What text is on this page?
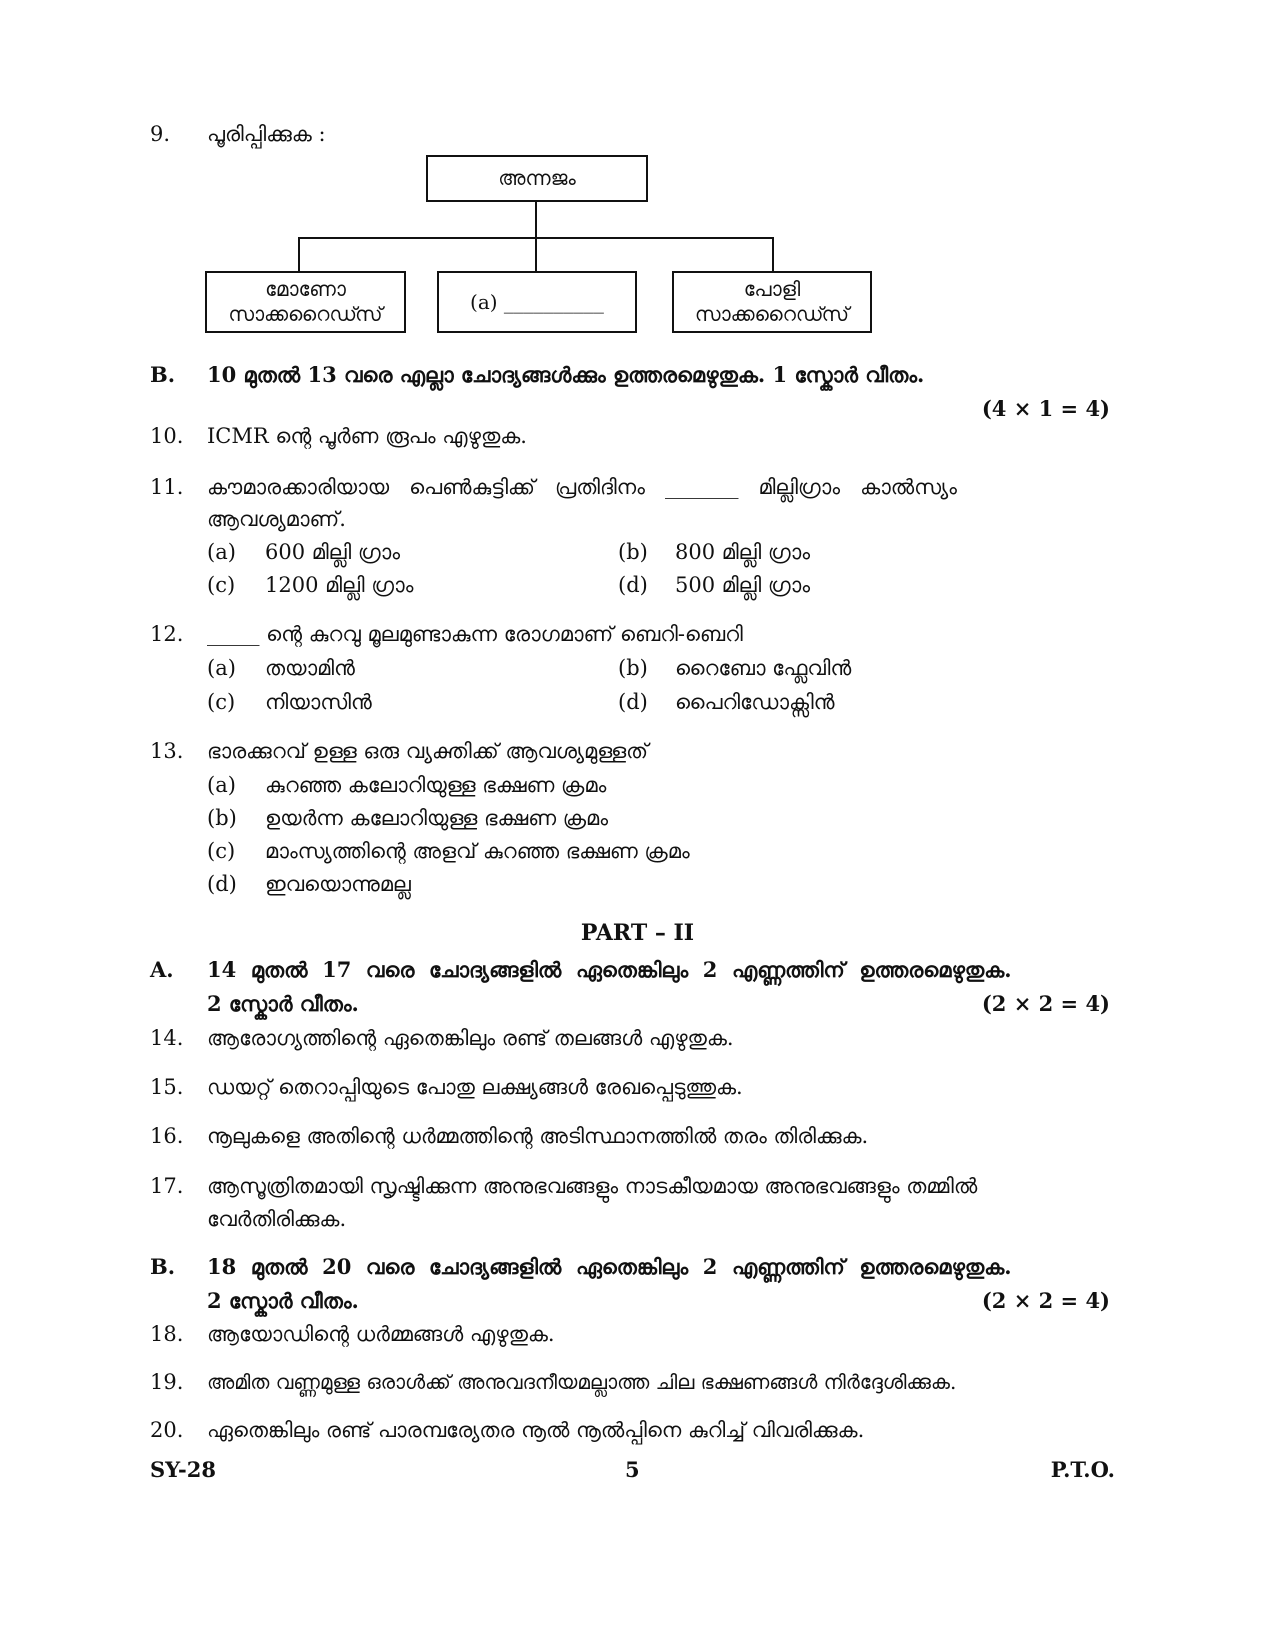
9. പൂരിപ്പിക്കുക :
അന്നജം
മോണോ
സാക്കറൈഡ്സ്
(a) __________
പോളി
സാക്കറൈഡ്സ്
B. 10 മുതൽ 13 വരെ എല്ലാ ചോദ്യങ്ങൾക്കും ഉത്തരമെഴുതുക. 1 സ്കോർ വീതം.
(4 × 1 = 4)
10. ICMR ന്റെ പൂർണ രൂപം എഴുതുക.
11. കൗമാരക്കാരിയായ   പെൺകുട്ടിക്ക്   പ്രതിദിനം   _______   മില്ലിഗ്രാം   കാൽസ്യം
ആവശ്യമാണ്.
(a) 600 മില്ലി ഗ്രാം	(b) 800 മില്ലി ഗ്രാം
(c) 1200 മില്ലി ഗ്രാം	(d) 500 മില്ലി ഗ്രാം
12. _____ ന്റെ കുറവു മൂലമുണ്ടാകുന്ന രോഗമാണ് ബെറി-ബെറി
(a) തയാമിൻ	(b) റൈബോ ഫ്ലേവിൻ
(c) നിയാസിൻ	(d) പൈറിഡോക്സിൻ
13. ഭാരക്കുറവ് ഉള്ള ഒരു വ്യക്തിക്ക് ആവശ്യമുള്ളത്
(a) കുറഞ്ഞ കലോറിയുള്ള ഭക്ഷണ ക്രമം
(b) ഉയർന്ന കലോറിയുള്ള ഭക്ഷണ ക്രമം
(c) മാംസ്യത്തിന്റെ അളവ് കുറഞ്ഞ ഭക്ഷണ ക്രമം
(d) ഇവയൊന്നുമല്ല
PART – II
A. 14  മുതൽ  17  വരെ  ചോദ്യങ്ങളിൽ  ഏതെങ്കിലും  2  എണ്ണത്തിന്  ഉത്തരമെഴുതുക.
2 സ്കോർ വീതം.	(2 × 2 = 4)
14. ആരോഗ്യത്തിന്റെ ഏതെങ്കിലും രണ്ട് തലങ്ങൾ എഴുതുക.
15. ഡയറ്റ് തെറാപ്പിയുടെ പോതു ലക്ഷ്യങ്ങൾ രേഖപ്പെടുത്തുക.
16. നൂലുകളെ അതിന്റെ ധർമ്മത്തിന്റെ അടിസ്ഥാനത്തിൽ തരം തിരിക്കുക.
17. ആസൂത്രിതമായി സൃഷ്ടിക്കുന്ന അനുഭവങ്ങളും നാടകീയമായ അനുഭവങ്ങളും തമ്മിൽ
വേർതിരിക്കുക.
B. 18  മുതൽ  20  വരെ  ചോദ്യങ്ങളിൽ  ഏതെങ്കിലും  2  എണ്ണത്തിന്  ഉത്തരമെഴുതുക.
2 സ്കോർ വീതം.	(2 × 2 = 4)
18. ആയോഡിന്റെ ധർമ്മങ്ങൾ എഴുതുക.
19. അമിത വണ്ണമുള്ള ഒരാൾക്ക് അനുവദനീയമല്ലാത്ത ചില ഭക്ഷണങ്ങൾ നിർദ്ദേശിക്കുക.
20. ഏതെങ്കിലും രണ്ട് പാരമ്പര്യേതര നൂൽ നൂൽപ്പിനെ കുറിച്ച് വിവരിക്കുക.
SY-28	5	P.T.O.
